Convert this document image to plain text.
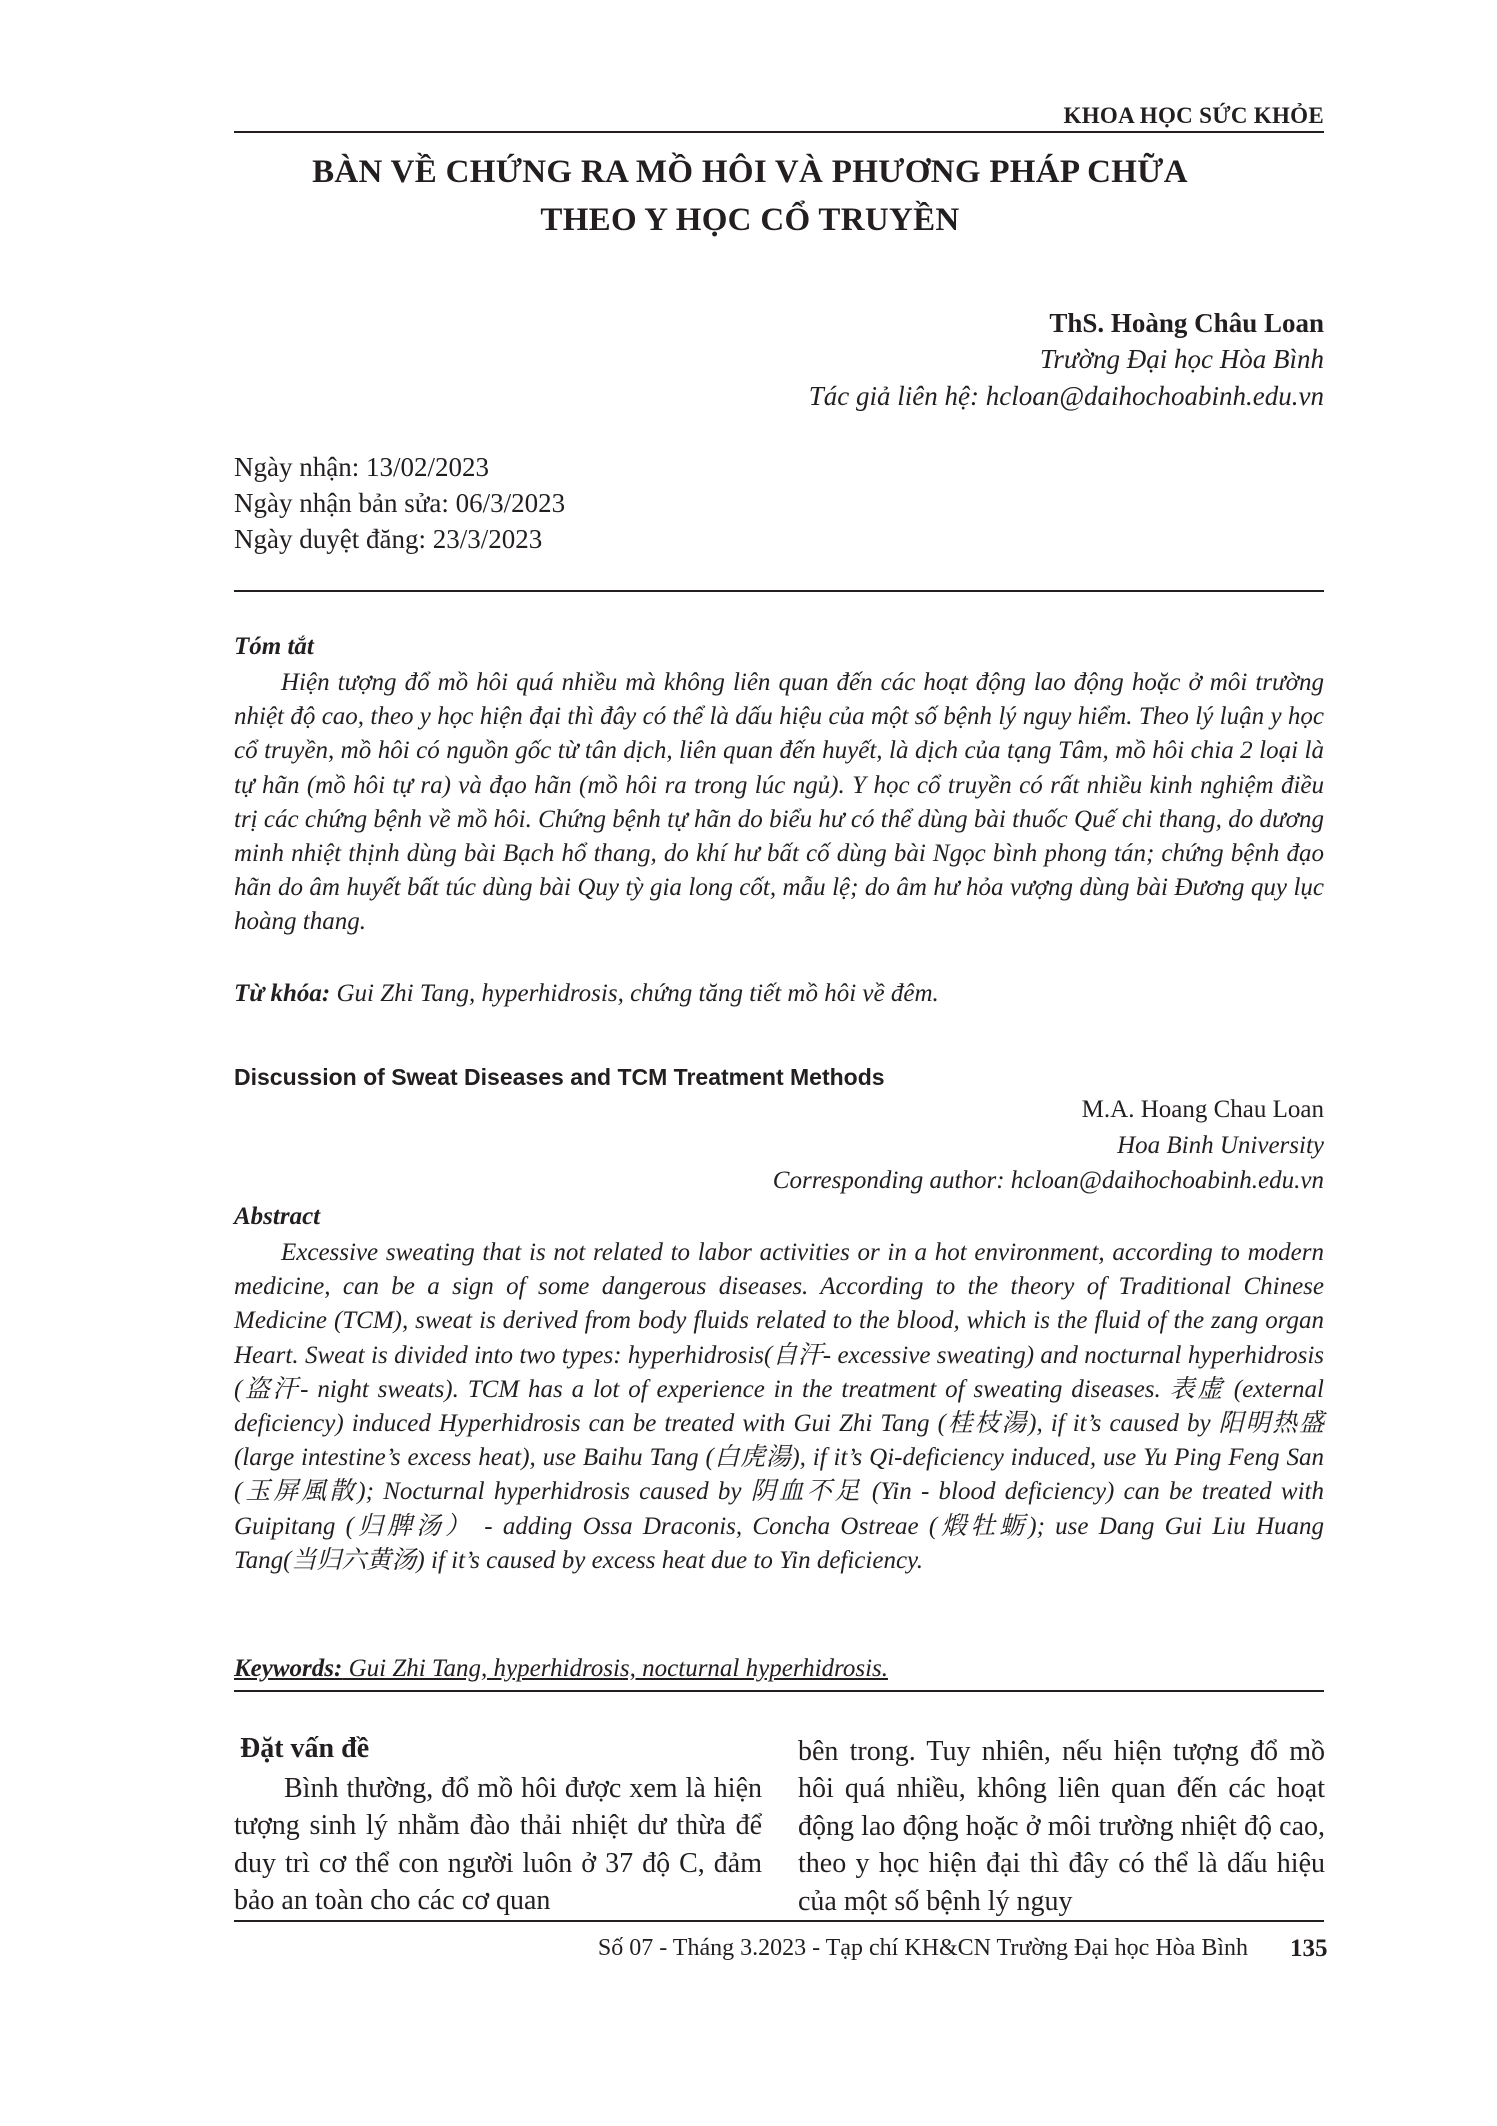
KHOA HỌC SỨC KHỎE
BÀN VỀ CHỨNG RA MỒ HÔI VÀ PHƯƠNG PHÁP CHỮA
THEO Y HỌC CỔ TRUYỀN
ThS. Hoàng Châu Loan
Trường Đại học Hòa Bình
Tác giả liên hệ: hcloan@daihochoabinh.edu.vn
Ngày nhận: 13/02/2023
Ngày nhận bản sửa: 06/3/2023
Ngày duyệt đăng: 23/3/2023
Tóm tắt
Hiện tượng đổ mồ hôi quá nhiều mà không liên quan đến các hoạt động lao động hoặc ở môi trường nhiệt độ cao, theo y học hiện đại thì đây có thể là dấu hiệu của một số bệnh lý nguy hiểm. Theo lý luận y học cổ truyền, mồ hôi có nguồn gốc từ tân dịch, liên quan đến huyết, là dịch của tạng Tâm, mồ hôi chia 2 loại là tự hãn (mồ hôi tự ra) và đạo hãn (mồ hôi ra trong lúc ngủ). Y học cổ truyền có rất nhiều kinh nghiệm điều trị các chứng bệnh về mồ hôi. Chứng bệnh tự hãn do biểu hư có thể dùng bài thuốc Quế chi thang, do dương minh nhiệt thịnh dùng bài Bạch hổ thang, do khí hư bất cố dùng bài Ngọc bình phong tán; chứng bệnh đạo hãn do âm huyết bất túc dùng bài Quy tỳ gia long cốt, mẫu lệ; do âm hư hỏa vượng dùng bài Đương quy lục hoàng thang.
Từ khóa: Gui Zhi Tang, hyperhidrosis, chứng tăng tiết mồ hôi về đêm.
Discussion of Sweat Diseases and TCM Treatment Methods
M.A. Hoang Chau Loan
Hoa Binh University
Corresponding author: hcloan@daihochoabinh.edu.vn
Abstract
Excessive sweating that is not related to labor activities or in a hot environment, according to modern medicine, can be a sign of some dangerous diseases. According to the theory of Traditional Chinese Medicine (TCM), sweat is derived from body fluids related to the blood, which is the fluid of the zang organ Heart. Sweat is divided into two types: hyperhidrosis(自汗- excessive sweating) and nocturnal hyperhidrosis (盗汗- night sweats). TCM has a lot of experience in the treatment of sweating diseases. 表虚 (external deficiency) induced Hyperhidrosis can be treated with Gui Zhi Tang (桂枝湯), if it’s caused by 阳明热盛(large intestine’s excess heat), use Baihu Tang (白虎湯), if it’s Qi-deficiency induced, use Yu Ping Feng San (玉屏風散); Nocturnal hyperhidrosis caused by 阴血不足 (Yin - blood deficiency) can be treated with Guipitang (归脾汤） - adding Ossa Draconis, Concha Ostreae (煅牡蛎); use Dang Gui Liu Huang Tang(当归六黄汤) if it’s caused by excess heat due to Yin deficiency.
Keywords: Gui Zhi Tang, hyperhidrosis, nocturnal hyperhidrosis.
Đặt vấn đề
Bình thường, đổ mồ hôi được xem là hiện tượng sinh lý nhằm đào thải nhiệt dư thừa để duy trì cơ thể con người luôn ở 37 độ C, đảm bảo an toàn cho các cơ quan
bên trong. Tuy nhiên, nếu hiện tượng đổ mồ hôi quá nhiều, không liên quan đến các hoạt động lao động hoặc ở môi trường nhiệt độ cao, theo y học hiện đại thì đây có thể là dấu hiệu của một số bệnh lý nguy
Số 07 - Tháng 3.2023 - Tạp chí KH&CN Trường Đại học Hòa Bình 135
